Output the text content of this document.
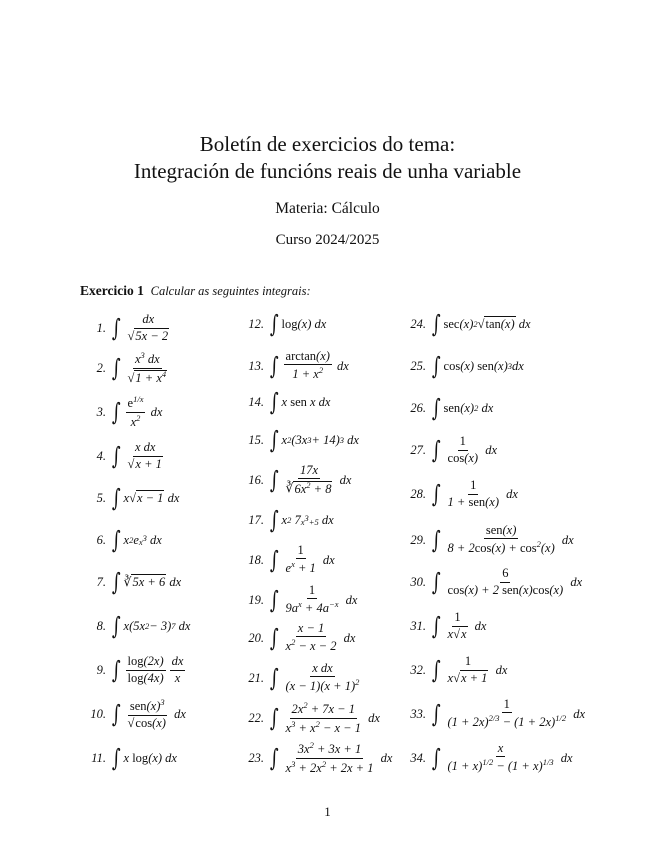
Boletín de exercicios do tema:
Integración de funcións reais de unha variable
Materia: Cálculo
Curso 2024/2025
Exercicio 1 Calcular as seguintes integrais:
1. ∫ dx
√5x − 2
2. ∫ $x^3$ dx
$√1 + x^4$
3. ∫ $e^{1/x}$
$x^2$ dx
4. ∫ x dx
√x + 1
5. ∫ x √ x − 1 dx
6. ∫ x 2 e $x^3$ dx
7. ∫ ∛ 5x + 6 dx
8. ∫ x(5x 2 − 3) 7 dx
9. ∫ log(2x)
log(4x)
dx
x
10. ∫ $sen(x)^3$
√cos(x)
dx
11. ∫ x log (x) dx
12. ∫ log (x) dx
13. ∫ arctan(x)
$1 + x^2$ dx
14. ∫ x sen x dx
15. ∫ x 2 (3x 3 + 14) 3 dx
16. ∫ 17x
$∛6x^2 + 8$
dx
17. ∫ x 2 7 $x^3+5$ dx
18. ∫ 1
$e^x + 1$
dx
19. ∫ 1
$9a^x + 4a^{-x}$ dx
20. ∫ x − 1
$x^2 - x - 2$
dx
21. ∫	x dx
$(x - 1)(x + 1)^2$
22. ∫ $2x^2 + 7x - 1$
$x^3 + x^2 - x - 1$
dx
23. ∫ $3x^2 + 3x + 1$
$x^3 + 2x^2 + 2x + 1$
dx
24. ∫ sec (x) 2 √ tan(x) dx
25. ∫ cos (x) sen (x) 3 dx
26. ∫ sen (x) 2 dx
27. ∫ 1
cos(x)
dx
28. ∫ 1
1 + sen(x)
dx
29. ∫	sen(x)
$8 + 2\cos(x) + \cos^2(x)$
dx
30. ∫	6
cos(x) + 2 sen(x)cos(x)
dx
31. ∫ 1
x√x
dx
32. ∫ 1
x√x + 1
dx
33. ∫	1
$(1 + 2x)^{2/3} - (1 + 2x)^{1/2}$ dx
34. ∫	x
$(1 + x)^{1/2} - (1 + x)^{1/3}$ dx
1
